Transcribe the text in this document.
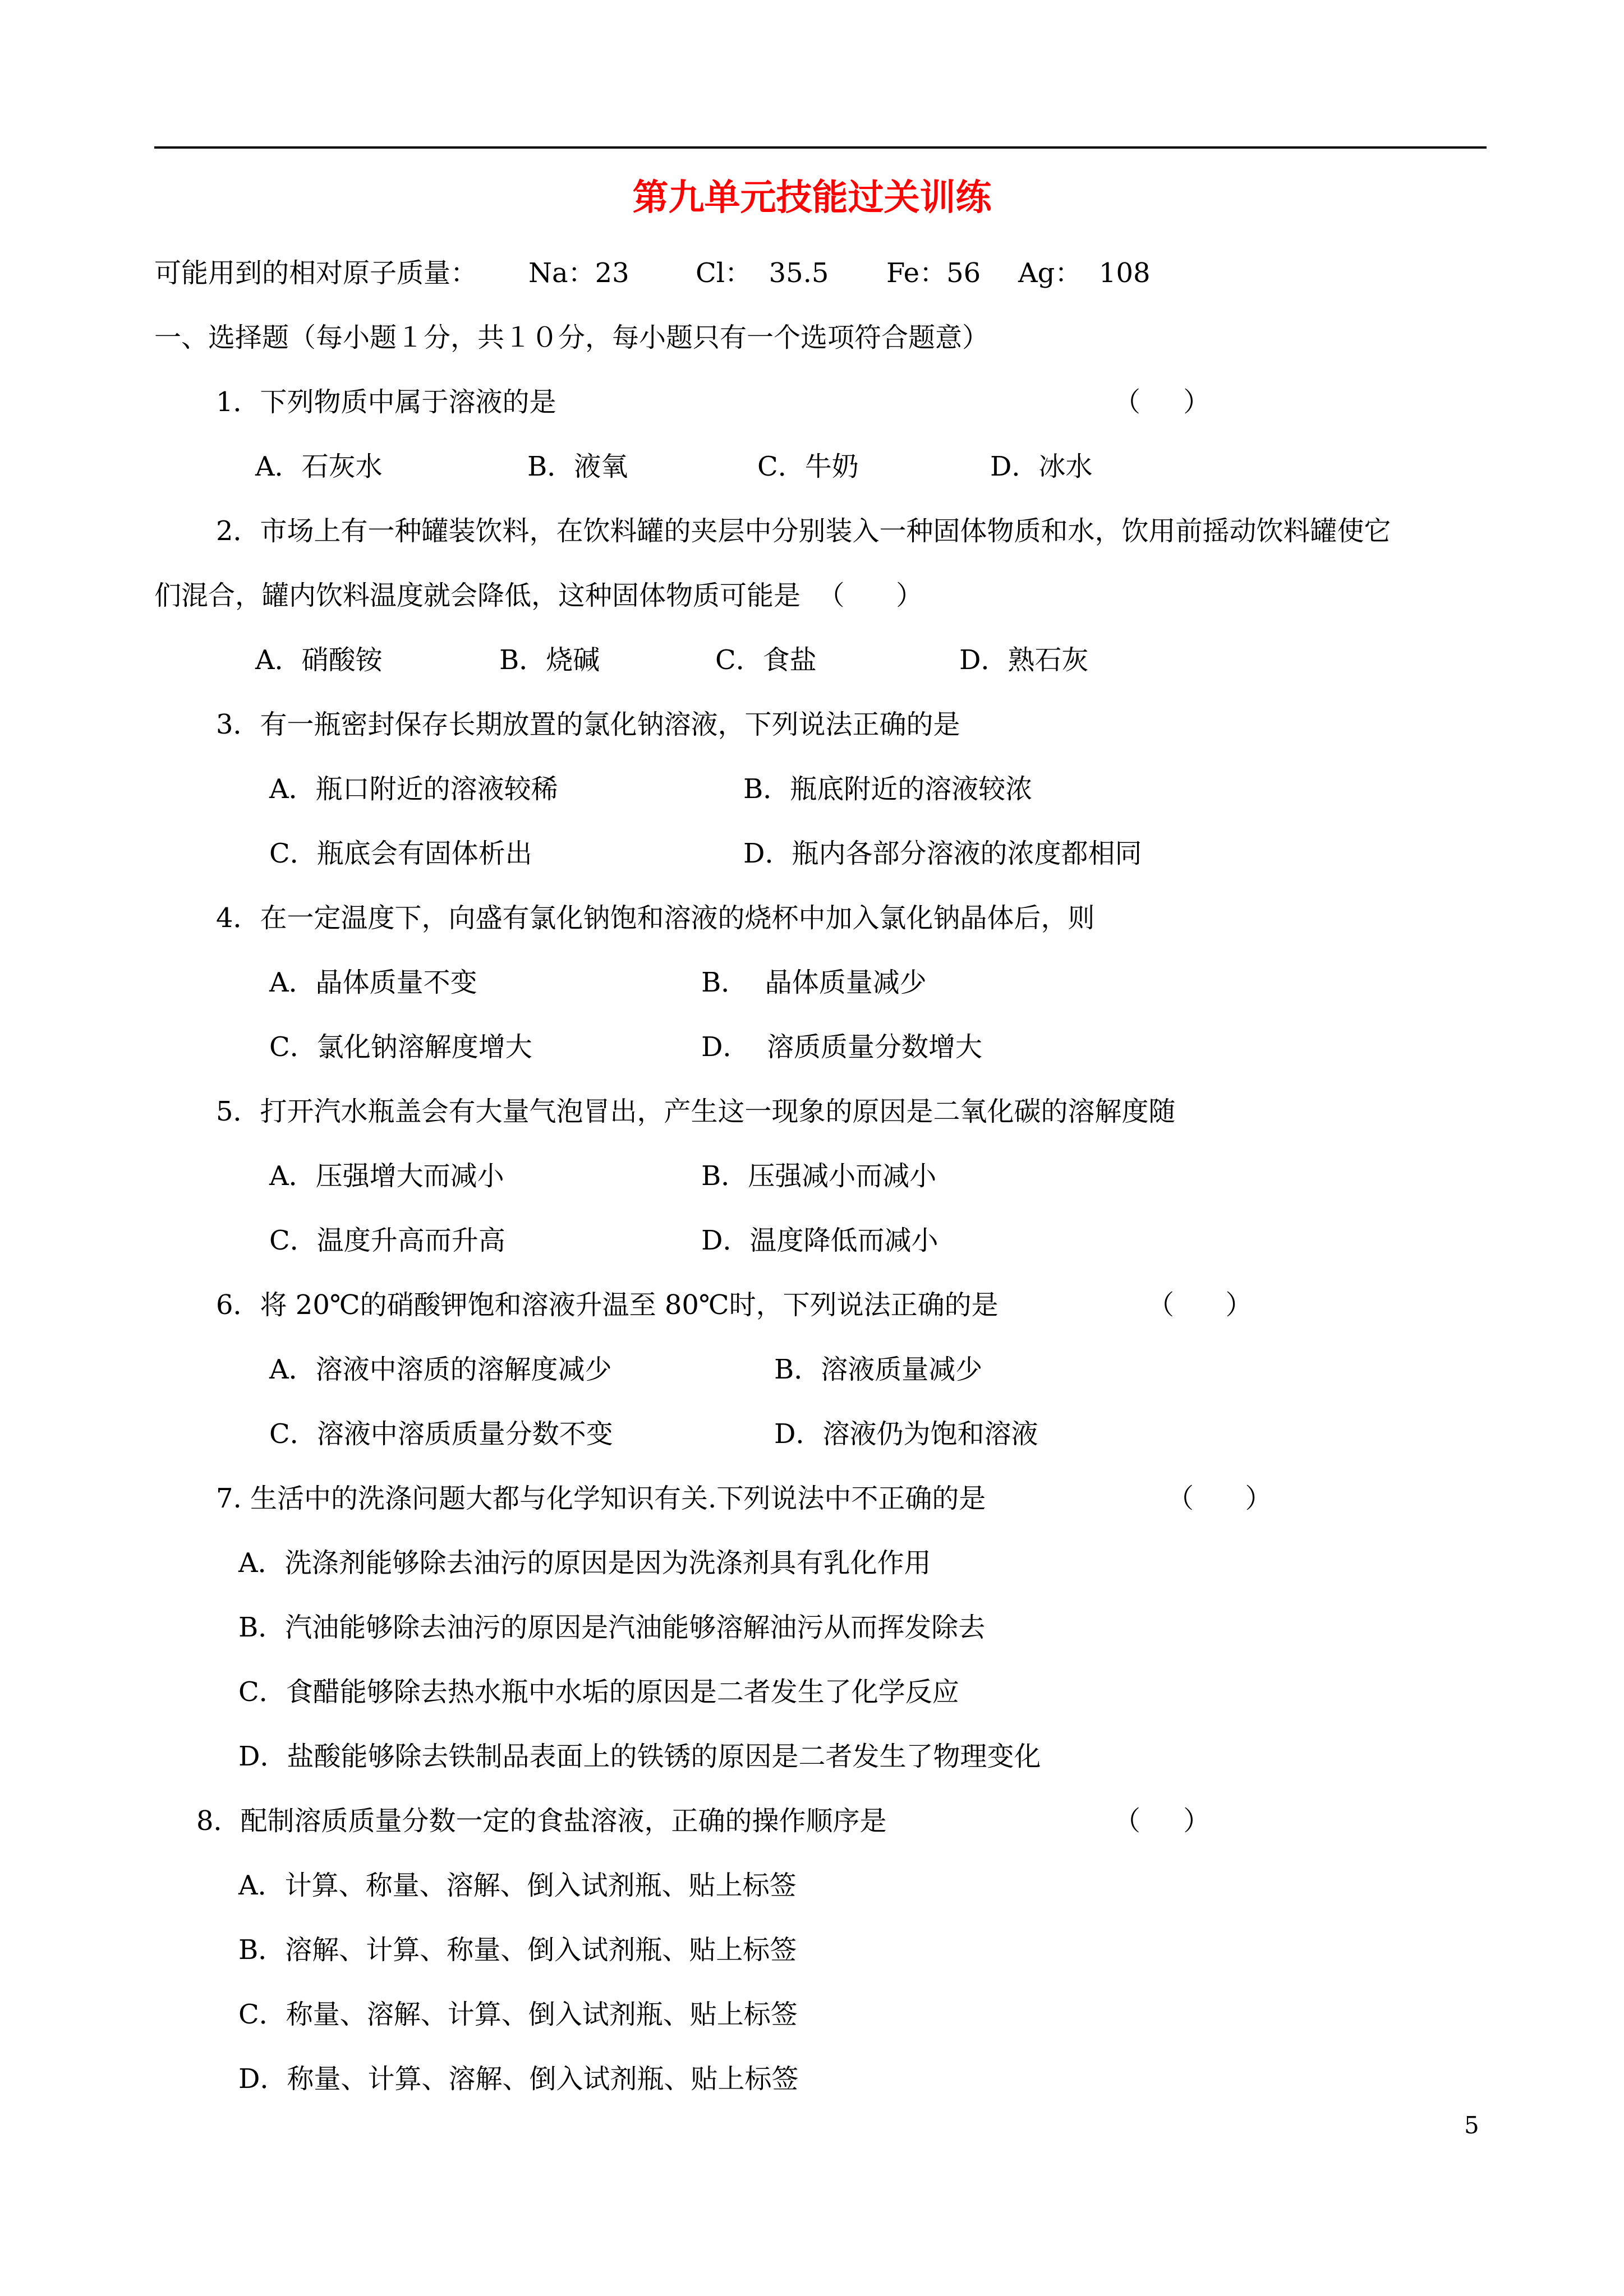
第九单元技能过关训练
可能用到的相对原子质量： Na：23 Cl：  35.5 Fe：56 Ag：  108
一、选择题（每小题１分，共１０分，每小题只有一个选项符合题意）
1．下列物质中属于溶液的是	（     ）
A．石灰水	B．液氧	C．牛奶	D．冰水
2．市场上有一种罐装饮料，在饮料罐的夹层中分别装入一种固体物质和水，饮用前摇动饮料罐使它
们混合，罐内饮料温度就会降低，这种固体物质可能是  （      ）
A．硝酸铵	B．烧碱	C．食盐	D．熟石灰
3．有一瓶密封保存长期放置的氯化钠溶液，下列说法正确的是
A．瓶口附近的溶液较稀	B．瓶底附近的溶液较浓
C．瓶底会有固体析出	D．瓶内各部分溶液的浓度都相同
4．在一定温度下，向盛有氯化钠饱和溶液的烧杯中加入氯化钠晶体后，则
A．晶体质量不变	B．  晶体质量减少
C．氯化钠溶解度增大	D．  溶质质量分数增大
5．打开汽水瓶盖会有大量气泡冒出，产生这一现象的原因是二氧化碳的溶解度随
A．压强增大而减小	B．压强减小而减小
C．温度升高而升高	D．温度降低而减小
6．将 20℃的硝酸钾饱和溶液升温至 80℃时，下列说法正确的是	（      ）
A．溶液中溶质的溶解度减少	B．溶液质量减少
C．溶液中溶质质量分数不变	D．溶液仍为饱和溶液
7. 生活中的洗涤问题大都与化学知识有关.下列说法中不正确的是	（      ）
A．洗涤剂能够除去油污的原因是因为洗涤剂具有乳化作用
B．汽油能够除去油污的原因是汽油能够溶解油污从而挥发除去
C．食醋能够除去热水瓶中水垢的原因是二者发生了化学反应
D．盐酸能够除去铁制品表面上的铁锈的原因是二者发生了物理变化
8．配制溶质质量分数一定的食盐溶液，正确的操作顺序是	（     ）
A．计算、称量、溶解、倒入试剂瓶、贴上标签
B．溶解、计算、称量、倒入试剂瓶、贴上标签
C．称量、溶解、计算、倒入试剂瓶、贴上标签
D．称量、计算、溶解、倒入试剂瓶、贴上标签
5
